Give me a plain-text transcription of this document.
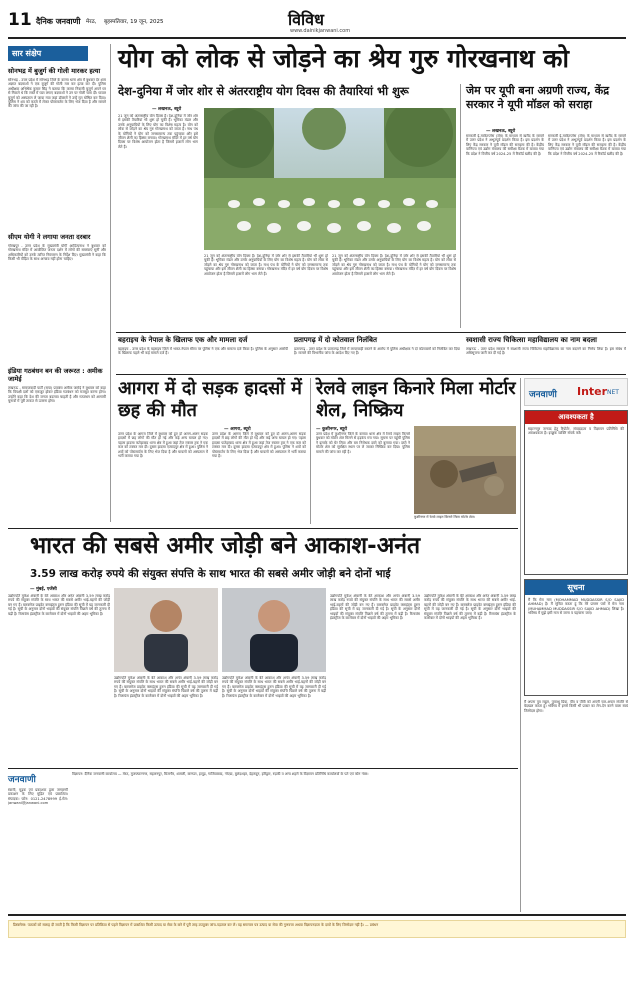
11 दैनिक जनवाणी मेरठ, बृहस्पतिवार, 19 जून, 2025	विविध
www.dainikjanwani.com
सार संक्षेप
सोनभद्र में बुजुर्ग की गोली मारकर हत्या
सोनभद्र - उत्तर प्रदेश में सोनभद्र जिले के करमा थाना क्षेत्र में बुधवार देर शाम अज्ञात बदमाशों ने एक बुजुर्ग की गोली मार कर हत्या कर दी। पुलिस अधीक्षक अभिषेक कुमार सिंह ने बताया कि करमा निवासी बुजुर्ग अपने घर से निकले थे कि रास्ते में घात लगाए बदमाशों ने उन पर गोली चला दी। घायल बुजुर्ग को अस्पताल ले जाया गया जहां डॉक्टरों ने उन्हें मृत घोषित कर दिया। पुलिस ने शव को कब्जे में लेकर पोस्टमार्टम के लिए भेज दिया है और मामले की जांच की जा रही है।
सीएम योगी ने लगाया जनता दरबार
गोरखपुर - उत्तर प्रदेश के मुख्यमंत्री योगी आदित्यनाथ ने बुधवार को गोरखनाथ मंदिर में आयोजित जनता दर्शन में लोगों की समस्याएं सुनीं और अधिकारियों को उनके त्वरित निस्तारण के निर्देश दिए। मुख्यमंत्री ने कहा कि किसी भी पीड़ित के साथ अन्याय नहीं होना चाहिए।
इंडिया गठबंधन बन की जरूरत : अमीक जामेई
लखनऊ - समाजवादी पार्टी (सपा) प्रवक्ता अमीक जामेई ने बुधवार को कहा कि विपक्षी दलों को एकजुट होकर इंडिया गठबंधन को मजबूत करना होगा। उन्होंने कहा कि देश की जनता बदलाव चाहती है और गठबंधन को आगामी चुनावों में पूरी ताकत से उतरना होगा।
योग को लोक से जोड़ने का श्रेय गुरु गोरखनाथ को
देश-दुनिया में जोर शोर से अंतरराष्ट्रीय योग दिवस की तैयारियां भी शुरू
— लखनऊ, ब्यूरो
21 जून को अंतरराष्ट्रीय योग दिवस है। देश-दुनिया में जोर शोर से इसकी तैयारियां भी शुरू हो चुकी हैं। भूमिका मंडल और उनके अनुयायियों के लिए योग का विशेष महत्व है। योग को लोक से जोड़ने का श्रेय गुरु गोरखनाथ को जाता है। नाथ पंथ के योगियों ने योग को जनसामान्य तक पहुंचाया और इसे जीवन शैली का हिस्सा बनाया। गोरखनाथ मंदिर में हर वर्ष योग दिवस पर विशेष आयोजन होता है जिसमें हजारों लोग भाग लेते हैं।
21 जून को अंतरराष्ट्रीय योग दिवस है। देश-दुनिया में जोर शोर से इसकी तैयारियां भी शुरू हो चुकी हैं। भूमिका मंडल और उनके अनुयायियों के लिए योग का विशेष महत्व है। योग को लोक से जोड़ने का श्रेय गुरु गोरखनाथ को जाता है। नाथ पंथ के योगियों ने योग को जनसामान्य तक पहुंचाया और इसे जीवन शैली का हिस्सा बनाया। गोरखनाथ मंदिर में हर वर्ष योग दिवस पर विशेष आयोजन होता है जिसमें हजारों लोग भाग लेते हैं।
21 जून को अंतरराष्ट्रीय योग दिवस है। देश-दुनिया में जोर शोर से इसकी तैयारियां भी शुरू हो चुकी हैं। भूमिका मंडल और उनके अनुयायियों के लिए योग का विशेष महत्व है। योग को लोक से जोड़ने का श्रेय गुरु गोरखनाथ को जाता है। नाथ पंथ के योगियों ने योग को जनसामान्य तक पहुंचाया और इसे जीवन शैली का हिस्सा बनाया। गोरखनाथ मंदिर में हर वर्ष योग दिवस पर विशेष आयोजन होता है जिसमें हजारों लोग भाग लेते हैं।
जेम पर यूपी बना अग्रणी राज्य, केंद्र सरकार ने यूपी मॉडल को सराहा
— लखनऊ, ब्यूरो
सरकारी ई-मार्केटप्लेस (जेम) के माध्यम से खरीद के मामले में उत्तर प्रदेश ने अभूतपूर्व प्रदर्शन किया है। इस प्रदर्शन के लिए केंद्र सरकार ने यूपी मॉडल की सराहना की है। केंद्रीय वाणिज्य एवं उद्योग मंत्रालय की समीक्षा बैठक में बताया गया कि प्रदेश ने वित्तीय वर्ष 2024-25 में रिकॉर्ड खरीद की है।
सरकारी ई-मार्केटप्लेस (जेम) के माध्यम से खरीद के मामले में उत्तर प्रदेश ने अभूतपूर्व प्रदर्शन किया है। इस प्रदर्शन के लिए केंद्र सरकार ने यूपी मॉडल की सराहना की है। केंद्रीय वाणिज्य एवं उद्योग मंत्रालय की समीक्षा बैठक में बताया गया कि प्रदेश ने वित्तीय वर्ष 2024-25 में रिकॉर्ड खरीद की है।
बहराइच के नेपाल के खिलाफ एक और मामला दर्ज
बहराइच - उत्तर प्रदेश के बहराइच जिले में भारत-नेपाल सीमा पर पुलिस ने एक और मामला दर्ज किया है। पुलिस के अनुसार आरोपी के खिलाफ पहले भी कई मामले दर्ज हैं।
प्रतापगढ़ में दो कोतवाल निलंबित
प्रतापगढ़ - उत्तर प्रदेश के प्रतापगढ़ जिले में लापरवाही बरतने के आरोप में पुलिस अधीक्षक ने दो कोतवालों को निलंबित कर दिया है। मामले की विभागीय जांच के आदेश दिए गए हैं।
स्वशासी राज्य चिकित्सा महाविद्यालय का नाम बदला
लखनऊ - उत्तर प्रदेश सरकार ने स्वशासी राज्य चिकित्सा महाविद्यालय का नाम बदलने का निर्णय लिया है। इस संबंध में अधिसूचना जारी कर दी गई है।
आगरा में दो सड़क हादसों में छह की मौत
— आगरा, ब्यूरो
उत्तर प्रदेश के आगरा जिले में बुधवार को हुए दो अलग-अलग सड़क हादसों में छह लोगों की मौत हो गई और कई अन्य घायल हो गए। पहला हादसा फतेहाबाद थाना क्षेत्र में हुआ जहां तेज रफ्तार ट्रक ने एक कार को टक्कर मार दी। दूसरा हादसा एत्मादपुर क्षेत्र में हुआ। पुलिस ने शवों को पोस्टमार्टम के लिए भेज दिया है और घायलों को अस्पताल में भर्ती कराया गया है।
उत्तर प्रदेश के आगरा जिले में बुधवार को हुए दो अलग-अलग सड़क हादसों में छह लोगों की मौत हो गई और कई अन्य घायल हो गए। पहला हादसा फतेहाबाद थाना क्षेत्र में हुआ जहां तेज रफ्तार ट्रक ने एक कार को टक्कर मार दी। दूसरा हादसा एत्मादपुर क्षेत्र में हुआ। पुलिस ने शवों को पोस्टमार्टम के लिए भेज दिया है और घायलों को अस्पताल में भर्ती कराया गया है।
रेलवे लाइन किनारे मिला मोर्टार शेल, निष्क्रिय
— कुशीनगर, ब्यूरो
उत्तर प्रदेश में कुशीनगर जिले के कसया थाना क्षेत्र में रेलवे लाइन किनारे बुधवार को मोर्टार शेल मिलने से हड़कंप मच गया। सूचना पर पहुंची पुलिस ने इलाके को घेर लिया और बम निरोधक दस्ते को बुलाया गया। दस्ते ने मोर्टार शेल को सुरक्षित स्थान पर ले जाकर निष्क्रिय कर दिया। पुलिस मामले की जांच कर रही है।
कुशीनगर में रेलवे लाइन किनारे मिला मोर्टार शेल।
जनवाणी Inter NET
आवश्यकता है
सहारनपुर जनपद हेतु रिपोर्टर, संवाददाता व विज्ञापन प्रतिनिधि की आवश्यकता है। इच्छुक व्यक्ति संपर्क करें।
सूचना
मैं कि मेरा नाम (MOHAMMAD MUDDASSIR S/O SAJID AHMAD) है। मैं सूचित करता हूं कि मेरे प्रमाण पत्रों में मेरा नाम (MUHAMMAD MUDDASSIR S/O SAJID AHMAD) लिखा है। भविष्य में मुझे इसी नाम से जाना व पहचाना जाए।
मैं अपना पुत्र राहुल, पुत्रवधू प्रिया, पौत्र व पौत्री को अपनी चल-अचल संपत्ति से बेदखल करता हूं। भविष्य में इनसे किसी भी प्रकार का लेन-देन करने वाला स्वयं जिम्मेदार होगा।
भारत की सबसे अमीर जोड़ी बने आकाश-अनंत
3.59 लाख करोड़ रुपये की संयुक्त संपत्ति के साथ भारत की सबसे अमीर जोड़ी बने दोनों भाई
— मुंबई, एजेंसी
उद्योगपति मुकेश अंबानी के बेटे आकाश और अनंत अंबानी 3.59 लाख करोड़ रुपये की संयुक्त संपत्ति के साथ भारत की सबसे अमीर भाई-बहनों की जोड़ी बन गए हैं। बारक्लेज प्राइवेट क्लाइंट्स हुरुन इंडिया की सूची में यह जानकारी दी गई है। सूची के अनुसार दोनों भाइयों की संयुक्त संपत्ति पिछले वर्ष की तुलना में बढ़ी है। रिलायंस इंडस्ट्रीज के कारोबार में दोनों भाइयों की अहम भूमिका है।
उद्योगपति मुकेश अंबानी के बेटे आकाश और अनंत अंबानी 3.59 लाख करोड़ रुपये की संयुक्त संपत्ति के साथ भारत की सबसे अमीर भाई-बहनों की जोड़ी बन गए हैं। बारक्लेज प्राइवेट क्लाइंट्स हुरुन इंडिया की सूची में यह जानकारी दी गई है। सूची के अनुसार दोनों भाइयों की संयुक्त संपत्ति पिछले वर्ष की तुलना में बढ़ी है। रिलायंस इंडस्ट्रीज के कारोबार में दोनों भाइयों की अहम भूमिका है।
उद्योगपति मुकेश अंबानी के बेटे आकाश और अनंत अंबानी 3.59 लाख करोड़ रुपये की संयुक्त संपत्ति के साथ भारत की सबसे अमीर भाई-बहनों की जोड़ी बन गए हैं। बारक्लेज प्राइवेट क्लाइंट्स हुरुन इंडिया की सूची में यह जानकारी दी गई है। सूची के अनुसार दोनों भाइयों की संयुक्त संपत्ति पिछले वर्ष की तुलना में बढ़ी है। रिलायंस इंडस्ट्रीज के कारोबार में दोनों भाइयों की अहम भूमिका है।
उद्योगपति मुकेश अंबानी के बेटे आकाश और अनंत अंबानी 3.59 लाख करोड़ रुपये की संयुक्त संपत्ति के साथ भारत की सबसे अमीर भाई-बहनों की जोड़ी बन गए हैं। बारक्लेज प्राइवेट क्लाइंट्स हुरुन इंडिया की सूची में यह जानकारी दी गई है। सूची के अनुसार दोनों भाइयों की संयुक्त संपत्ति पिछले वर्ष की तुलना में बढ़ी है। रिलायंस इंडस्ट्रीज के कारोबार में दोनों भाइयों की अहम भूमिका है।
उद्योगपति मुकेश अंबानी के बेटे आकाश और अनंत अंबानी 3.59 लाख करोड़ रुपये की संयुक्त संपत्ति के साथ भारत की सबसे अमीर भाई-बहनों की जोड़ी बन गए हैं। बारक्लेज प्राइवेट क्लाइंट्स हुरुन इंडिया की सूची में यह जानकारी दी गई है। सूची के अनुसार दोनों भाइयों की संयुक्त संपत्ति पिछले वर्ष की तुलना में बढ़ी है। रिलायंस इंडस्ट्रीज के कारोबार में दोनों भाइयों की अहम भूमिका है।
जनवाणी
स्वामी, मुद्रक एवं प्रकाशक द्वारा जनवाणी प्रकाशन के लिए मुद्रित एवं प्रकाशित। संपादक। फोन: 0121-2478999 ई-मेल: janwani@janwani.com
विज्ञापन: दैनिक जनवाणी कार्यालय — मेरठ, मुजफ्फरनगर, सहारनपुर, बिजनौर, शामली, बागपत, हापुड़, गाजियाबाद, नोएडा, बुलंदशहर, देहरादून, हरिद्वार, रुड़की व अन्य शहरों के विज्ञापन प्रतिनिधि कार्यालयों के पते एवं फोन नंबर।
डिस्क्लेमर: पाठकों को सलाह दी जाती है कि किसी विज्ञापन पर प्रतिक्रिया से पहले विज्ञापन में प्रकाशित किसी उत्पाद या सेवा के बारे में पूरी तरह उपयुक्त जांच-पड़ताल कर लें। यह समाचार पत्र उत्पाद या सेवा की गुणवत्ता अथवा विज्ञापनदाता के दावों के लिए जिम्मेदार नहीं है। — प्रबंधन
